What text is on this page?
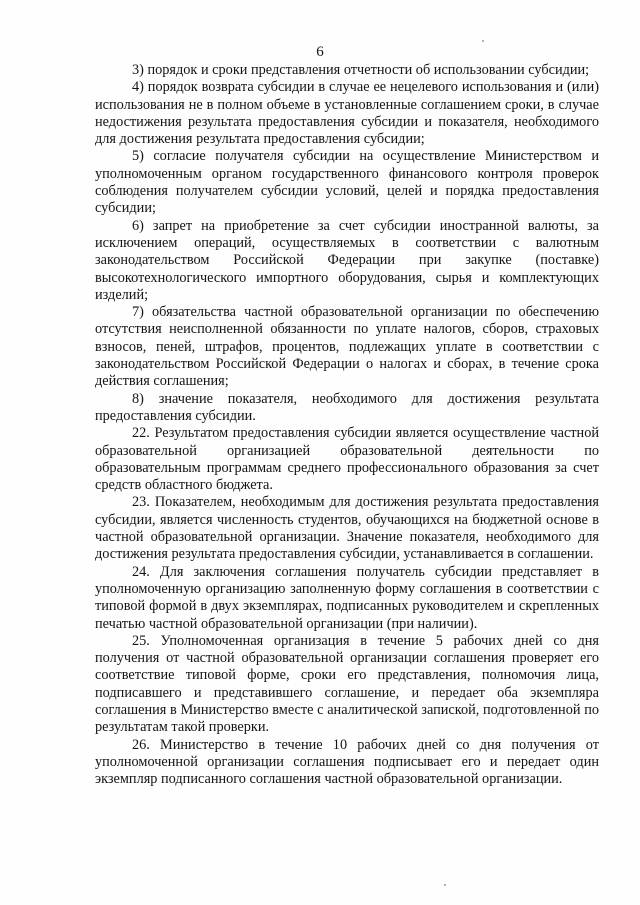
6

3) порядок и сроки представления отчетности об использовании субсидии;

4) порядок возврата субсидии в случае ее нецелевого использования и (или) использования не в полном объеме в установленные соглашением сроки, в случае недостижения результата предоставления субсидии и показателя, необходимого для достижения результата предоставления субсидии;

5) согласие получателя субсидии на осуществление Министерством и уполномоченным органом государственного финансового контроля проверок соблюдения получателем субсидии условий, целей и порядка предоставления субсидии;

6) запрет на приобретение за счет субсидии иностранной валюты, за исключением операций, осуществляемых в соответствии с валютным законодательством Российской Федерации при закупке (поставке) высокотехнологического импортного оборудования, сырья и комплектующих изделий;

7) обязательства частной образовательной организации по обеспечению отсутствия неисполненной обязанности по уплате налогов, сборов, страховых взносов, пеней, штрафов, процентов, подлежащих уплате в соответствии с законодательством Российской Федерации о налогах и сборах, в течение срока действия соглашения;

8) значение показателя, необходимого для достижения результата предоставления субсидии.

22. Результатом предоставления субсидии является осуществление частной образовательной организацией образовательной деятельности по образовательным программам среднего профессионального образования за счет средств областного бюджета.

23. Показателем, необходимым для достижения результата предоставления субсидии, является численность студентов, обучающихся на бюджетной основе в частной образовательной организации. Значение показателя, необходимого для достижения результата предоставления субсидии, устанавливается в соглашении.

24. Для заключения соглашения получатель субсидии представляет в уполномоченную организацию заполненную форму соглашения в соответствии с типовой формой в двух экземплярах, подписанных руководителем и скрепленных печатью частной образовательной организации (при наличии).

25. Уполномоченная организация в течение 5 рабочих дней со дня получения от частной образовательной организации соглашения проверяет его соответствие типовой форме, сроки его представления, полномочия лица, подписавшего и представившего соглашение, и передает оба экземпляра соглашения в Министерство вместе с аналитической запиской, подготовленной по результатам такой проверки.

26. Министерство в течение 10 рабочих дней со дня получения от уполномоченной организации соглашения подписывает его и передает один экземпляр подписанного соглашения частной образовательной организации.
